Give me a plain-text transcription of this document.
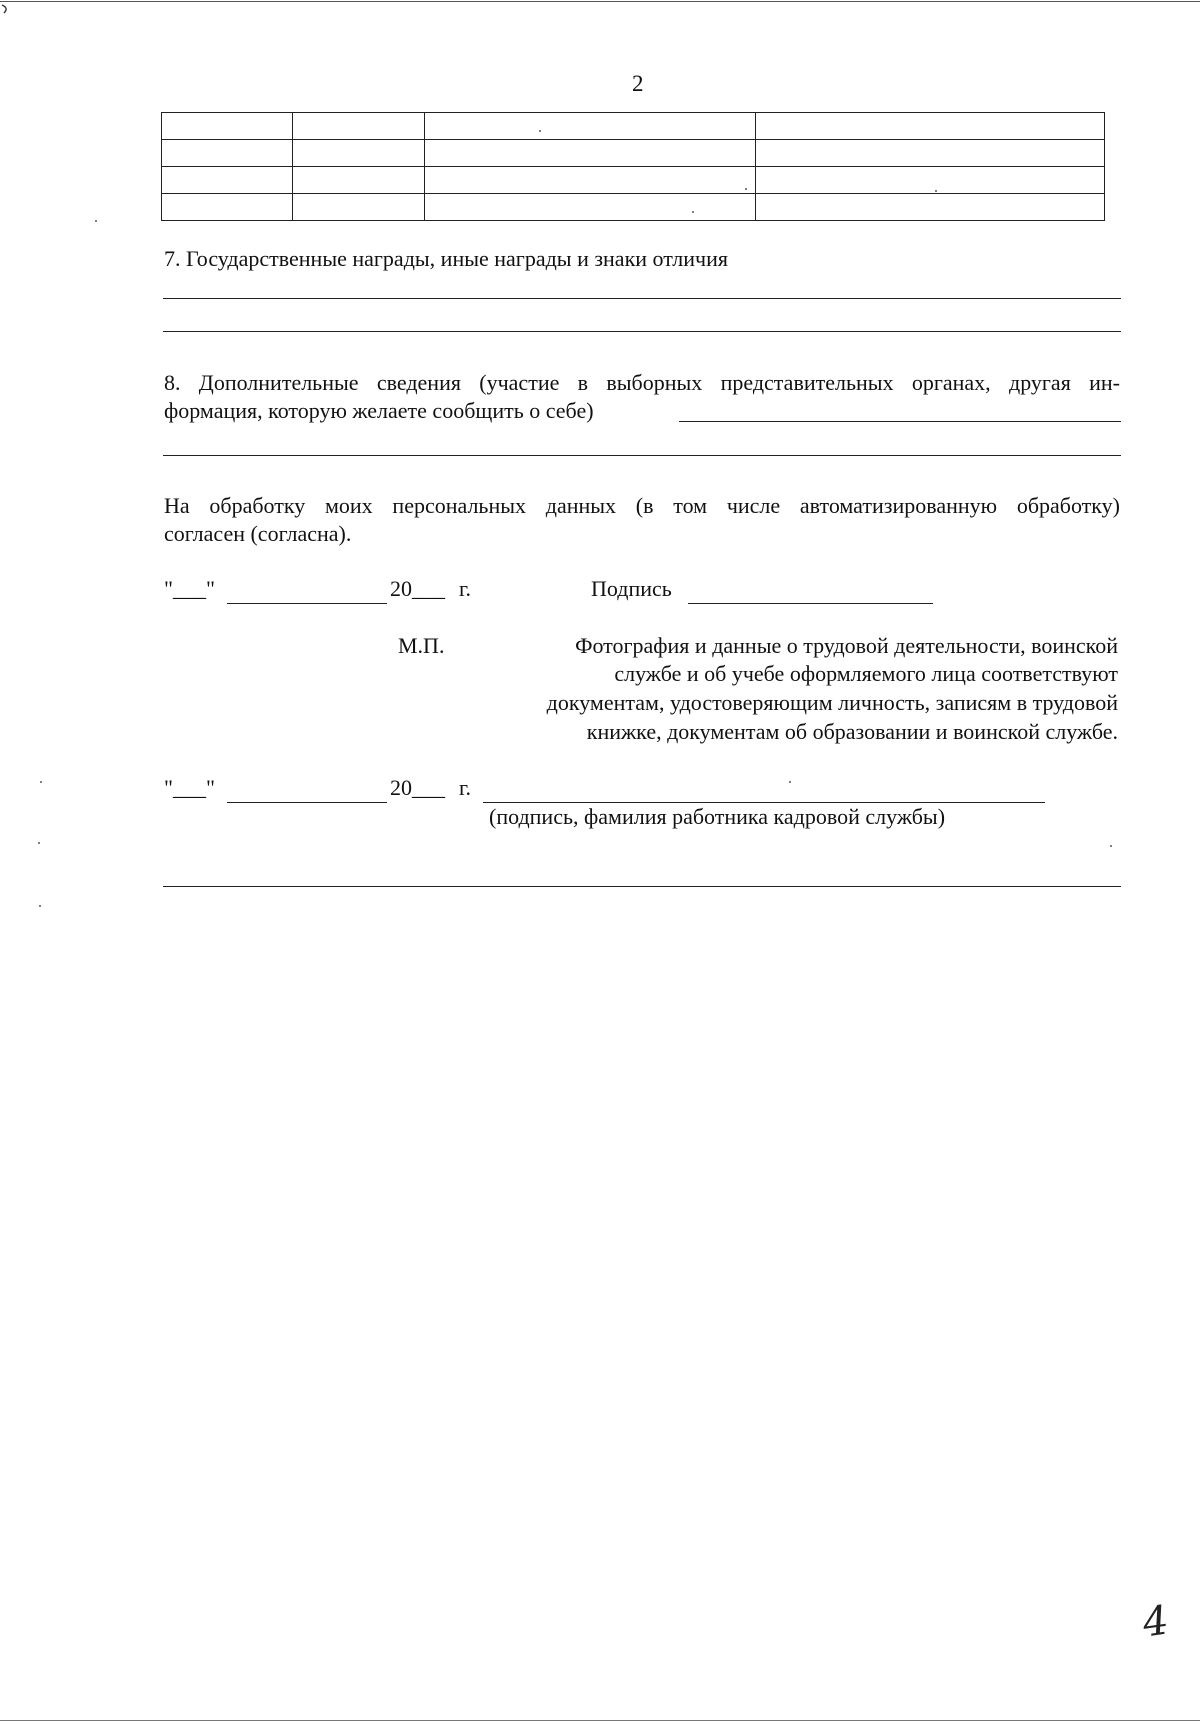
2

7. Государственные награды, иные награды и знаки отличия
8. Дополнительные сведения (участие в выборных представительных органах, другая ин-
формация, которую желаете сообщить о себе)
На обработку моих персональных данных (в том числе автоматизированную обработку)
согласен (согласна).
"___"	20___ г.	Подпись
М.П.	Фотография и данные о трудовой деятельности, воинской
службе и об учебе оформляемого лица соответствуют
документам, удостоверяющим личность, записям в трудовой
книжке, документам об образовании и воинской службе.
"___"	20___ г.
(подпись, фамилия работника кадровой службы)
4
